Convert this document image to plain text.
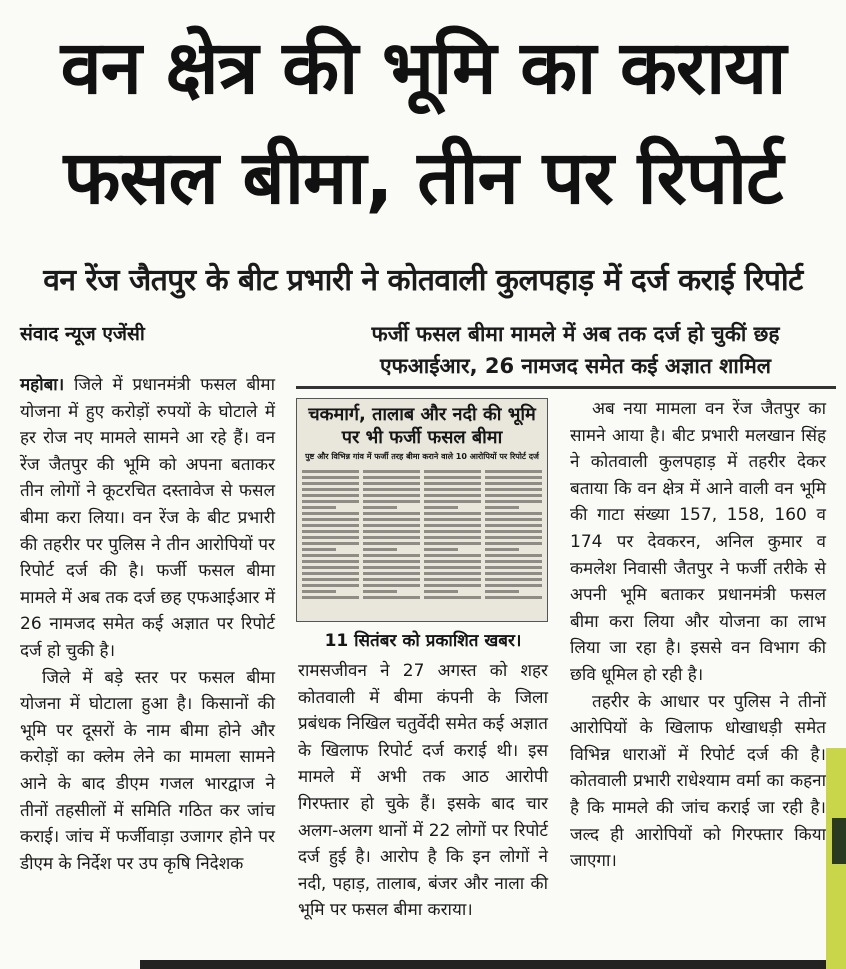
वन क्षेत्र की भूमि का कराया
फसल बीमा, तीन पर रिपोर्ट
वन रेंज जैतपुर के बीट प्रभारी ने कोतवाली कुलपहाड़ में दर्ज कराई रिपोर्ट
संवाद न्यूज एजेंसी	फर्जी फसल बीमा मामले में अब तक दर्ज हो चुकीं छह
एफआईआर, 26 नामजद समेत कई अज्ञात शामिल

महोबा। जिले में प्रधानमंत्री फसल बीमा योजना में हुए करोड़ों रुपयों के घोटाले में हर रोज नए मामले सामने आ रहे हैं। वन रेंज जैतपुर की भूमि को अपना बताकर तीन लोगों ने कूटरचित दस्तावेज से फसल बीमा करा लिया। वन रेंज के बीट प्रभारी की तहरीर पर पुलिस ने तीन आरोपियों पर रिपोर्ट दर्ज की है। फर्जी फसल बीमा मामले में अब तक दर्ज छह एफआईआर में 26 नामजद समेत कई अज्ञात पर रिपोर्ट दर्ज हो चुकी है।

जिले में बड़े स्तर पर फसल बीमा योजना में घोटाला हुआ है। किसानों की भूमि पर दूसरों के नाम बीमा होने और करोड़ों का क्लेम लेने का मामला सामने आने के बाद डीएम गजल भारद्वाज ने तीनों तहसीलों में समिति गठित कर जांच कराई। जांच में फर्जीवाड़ा उजागर होने पर डीएम के निर्देश पर उप कृषि निदेशक

चकमार्ग, तालाब और नदी की भूमि पर भी फर्जी फसल बीमा
पुष्ट और विभिन्न गांव में फर्जी तरह बीमा कराने वाले 10 आरोपियों पर रिपोर्ट दर्ज
11 सितंबर को प्रकाशित खबर।

रामसजीवन ने 27 अगस्त को शहर कोतवाली में बीमा कंपनी के जिला प्रबंधक निखिल चतुर्वेदी समेत कई अज्ञात के खिलाफ रिपोर्ट दर्ज कराई थी। इस मामले में अभी तक आठ आरोपी गिरफ्तार हो चुके हैं। इसके बाद चार अलग-अलग थानों में 22 लोगों पर रिपोर्ट दर्ज हुई है। आरोप है कि इन लोगों ने नदी, पहाड़, तालाब, बंजर और नाला की भूमि पर फसल बीमा कराया।

अब नया मामला वन रेंज जैतपुर का सामने आया है। बीट प्रभारी मलखान सिंह ने कोतवाली कुलपहाड़ में तहरीर देकर बताया कि वन क्षेत्र में आने वाली वन भूमि की गाटा संख्या 157, 158, 160 व 174 पर देवकरन, अनिल कुमार व कमलेश निवासी जैतपुर ने फर्जी तरीके से अपनी भूमि बताकर प्रधानमंत्री फसल बीमा करा लिया और योजना का लाभ लिया जा रहा है। इससे वन विभाग की छवि धूमिल हो रही है।

तहरीर के आधार पर पुलिस ने तीनों आरोपियों के खिलाफ धोखाधड़ी समेत विभिन्न धाराओं में रिपोर्ट दर्ज की है। कोतवाली प्रभारी राधेश्याम वर्मा का कहना है कि मामले की जांच कराई जा रही है। जल्द ही आरोपियों को गिरफ्तार किया जाएगा।
